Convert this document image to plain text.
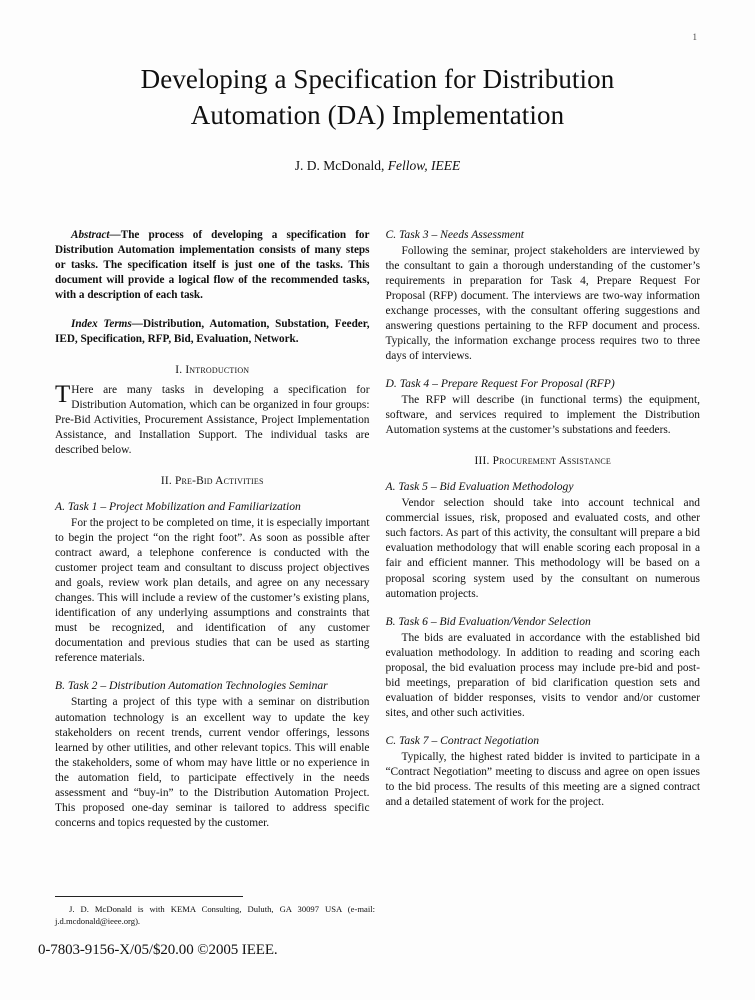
1
Developing a Specification for Distribution
Automation (DA) Implementation
J. D. McDonald, Fellow, IEEE

Abstract—The process of developing a specification for Distribution Automation implementation consists of many steps or tasks. The specification itself is just one of the tasks. This document will provide a logical flow of the recommended tasks, with a description of each task.

Index Terms—Distribution, Automation, Substation, Feeder, IED, Specification, RFP, Bid, Evaluation, Network.

I. Introduction

T Here are many tasks in developing a specification for Distribution Automation, which can be organized in four groups: Pre-Bid Activities, Procurement Assistance, Project Implementation Assistance, and Installation Support. The individual tasks are described below.

II. Pre-Bid Activities
A. Task 1 – Project Mobilization and Familiarization

For the project to be completed on time, it is especially important to begin the project “on the right foot”. As soon as possible after contract award, a telephone conference is conducted with the customer project team and consultant to discuss project objectives and goals, review work plan details, and agree on any necessary changes. This will include a review of the customer’s existing plans, identification of any underlying assumptions and constraints that must be recognized, and identification of any customer documentation and previous studies that can be used as starting reference materials.

B. Task 2 – Distribution Automation Technologies Seminar

Starting a project of this type with a seminar on distribution automation technology is an excellent way to update the key stakeholders on recent trends, current vendor offerings, lessons learned by other utilities, and other relevant topics. This will enable the stakeholders, some of whom may have little or no experience in the automation field, to participate effectively in the needs assessment and “buy-in” to the Distribution Automation Project. This proposed one-day seminar is tailored to address specific concerns and topics requested by the customer.

C. Task 3 – Needs Assessment

Following the seminar, project stakeholders are interviewed by the consultant to gain a thorough understanding of the customer’s requirements in preparation for Task 4, Prepare Request For Proposal (RFP) document. The interviews are two-way information exchange processes, with the consultant offering suggestions and answering questions pertaining to the RFP document and process. Typically, the information exchange process requires two to three days of interviews.

D. Task 4 – Prepare Request For Proposal (RFP)

The RFP will describe (in functional terms) the equipment, software, and services required to implement the Distribution Automation systems at the customer’s substations and feeders.

III. Procurement Assistance
A. Task 5 – Bid Evaluation Methodology

Vendor selection should take into account technical and commercial issues, risk, proposed and evaluated costs, and other such factors. As part of this activity, the consultant will prepare a bid evaluation methodology that will enable scoring each proposal in a fair and efficient manner. This methodology will be based on a proposal scoring system used by the consultant on numerous automation projects.

B. Task 6 – Bid Evaluation/Vendor Selection

The bids are evaluated in accordance with the established bid evaluation methodology. In addition to reading and scoring each proposal, the bid evaluation process may include pre-bid and post-bid meetings, preparation of bid clarification question sets and evaluation of bidder responses, visits to vendor and/or customer sites, and other such activities.

C. Task 7 – Contract Negotiation

Typically, the highest rated bidder is invited to participate in a “Contract Negotiation” meeting to discuss and agree on open issues to the bid process. The results of this meeting are a signed contract and a detailed statement of work for the project.

J. D. McDonald is with KEMA Consulting, Duluth, GA 30097 USA (e-mail: j.d.mcdonald@ieee.org).

0-7803-9156-X/05/$20.00 ©2005 IEEE.
